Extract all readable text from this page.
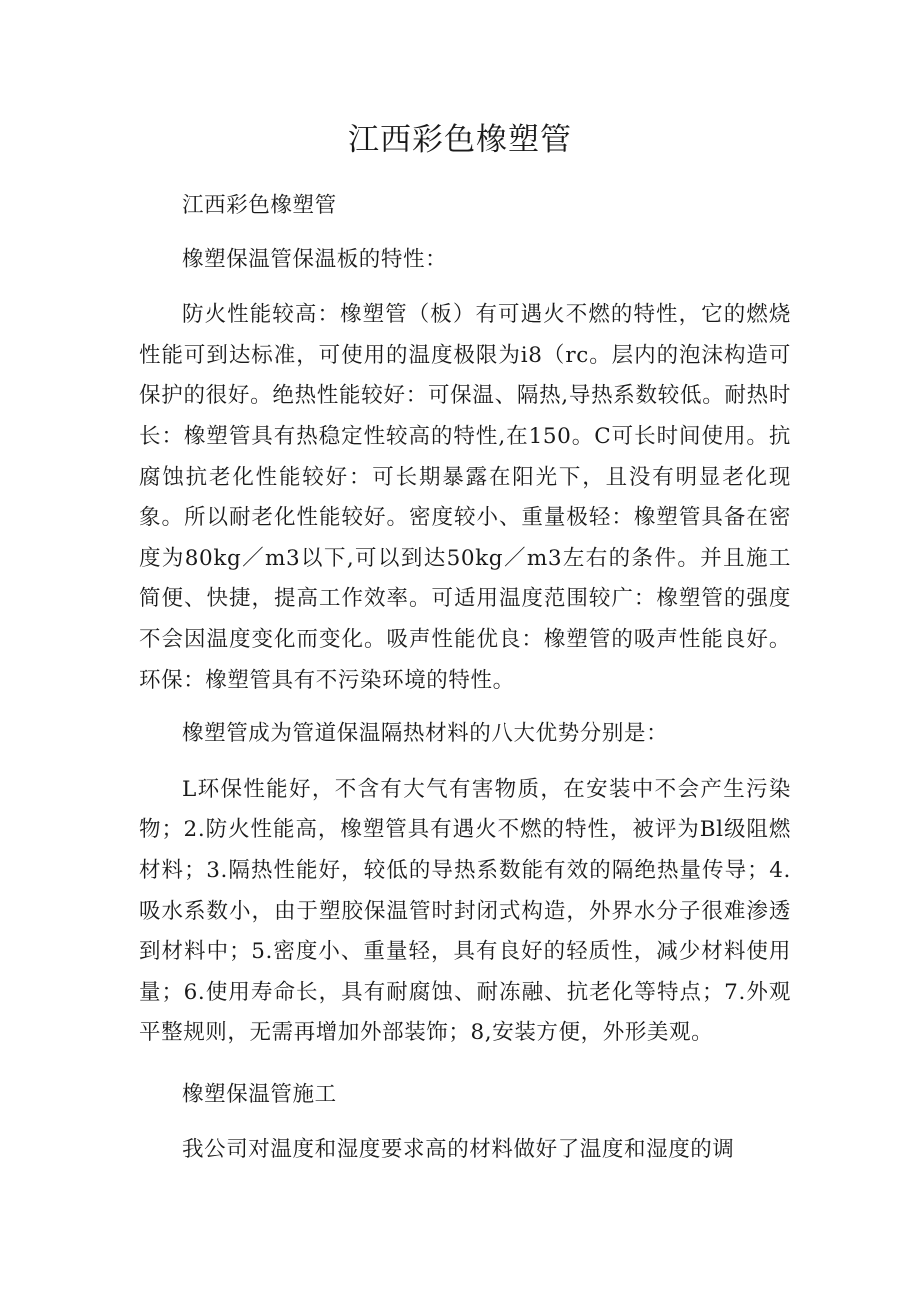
江西彩色橡塑管

江西彩色橡塑管

橡塑保温管保温板的特性：

防火性能较高：橡塑管（板）有可遇火不燃的特性，它的燃烧性能可到达标准，可使用的温度极限为i8（rc。层内的泡沫构造可保护的很好。绝热性能较好：可保温、隔热,导热系数较低。耐热时长：橡塑管具有热稳定性较高的特性,在150。C可长时间使用。抗腐蚀抗老化性能较好：可长期暴露在阳光下，且没有明显老化现象。所以耐老化性能较好。密度较小、重量极轻：橡塑管具备在密度为80kg／m3以下,可以到达50kg／m3左右的条件。并且施工简便、快捷，提高工作效率。可适用温度范围较广：橡塑管的强度不会因温度变化而变化。吸声性能优良：橡塑管的吸声性能良好。环保：橡塑管具有不污染环境的特性。

橡塑管成为管道保温隔热材料的八大优势分别是：

L环保性能好，不含有大气有害物质，在安装中不会产生污染物；2.防火性能高，橡塑管具有遇火不燃的特性，被评为Bl级阻燃材料；3.隔热性能好，较低的导热系数能有效的隔绝热量传导；4.吸水系数小，由于塑胶保温管时封闭式构造，外界水分子很难渗透到材料中；5.密度小、重量轻，具有良好的轻质性，减少材料使用量；6.使用寿命长，具有耐腐蚀、耐冻融、抗老化等特点；7.外观平整规则，无需再增加外部装饰；8,安装方便，外形美观。

橡塑保温管施工

我公司对温度和湿度要求高的材料做好了温度和湿度的调
